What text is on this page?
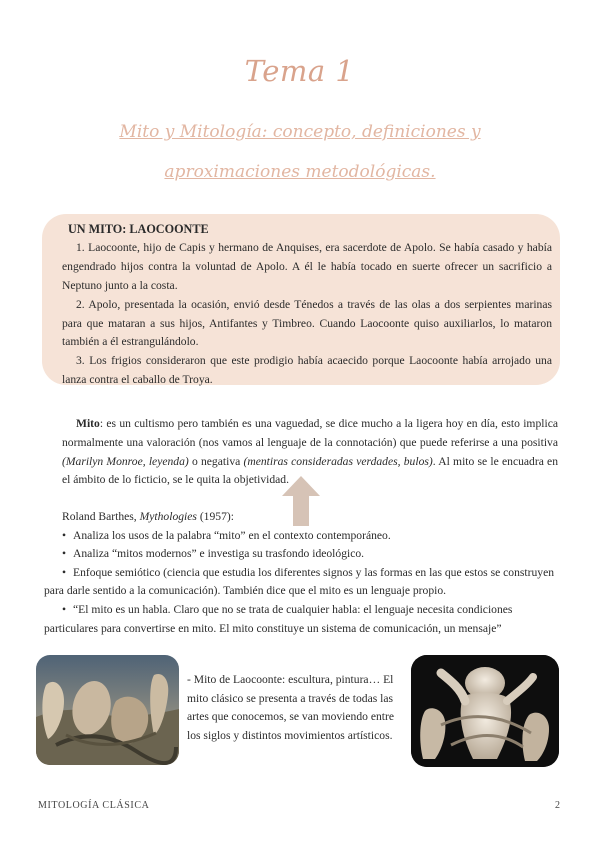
Tema 1
Mito y Mitología: concepto, definiciones y
aproximaciones metodológicas.
UN MITO: LAOCOONTE

1. Laocoonte, hijo de Capis y hermano de Anquises, era sacerdote de Apolo. Se había casado y había engendrado hijos contra la voluntad de Apolo. A él le había tocado en suerte ofrecer un sacrificio a Neptuno junto a la costa.

2. Apolo, presentada la ocasión, envió desde Ténedos a través de las olas a dos serpientes marinas para que mataran a sus hijos, Antifantes y Timbreo. Cuando Laocoonte quiso auxiliarlos, lo mataron también a él estrangulándolo.

3. Los frigios consideraron que este prodigio había acaecido porque Laocoonte había arrojado una lanza contra el caballo de Troya.

Mito: es un cultismo pero también es una vaguedad, se dice mucho a la ligera hoy en día, esto implica normalmente una valoración (nos vamos al lenguaje de la connotación) que puede referirse a una positiva (Marilyn Monroe, leyenda) o negativa (mentiras consideradas verdades, bulos). Al mito se le encuadra en el ámbito de lo ficticio, se le quita la objetividad.

Roland Barthes, Mythologies (1957):
• Analiza los usos de la palabra “mito” en el contexto contemporáneo.
• Analiza “mitos modernos” e investiga su trasfondo ideológico.
• Enfoque semiótico (ciencia que estudia los diferentes signos y las formas en las que estos se construyen para darle sentido a la comunicación). También dice que el mito es un lenguaje propio.
• “El mito es un habla. Claro que no se trata de cualquier habla: el lenguaje necesita condiciones particulares para convertirse en mito. El mito constituye un sistema de comunicación, un mensaje”

- Mito de Laocoonte: escultura, pintura… El mito clásico se presenta a través de todas las artes que conocemos, se van moviendo entre los siglos y distintos movimientos artísticos.

MITOLOGÍA CLÁSICA	2
